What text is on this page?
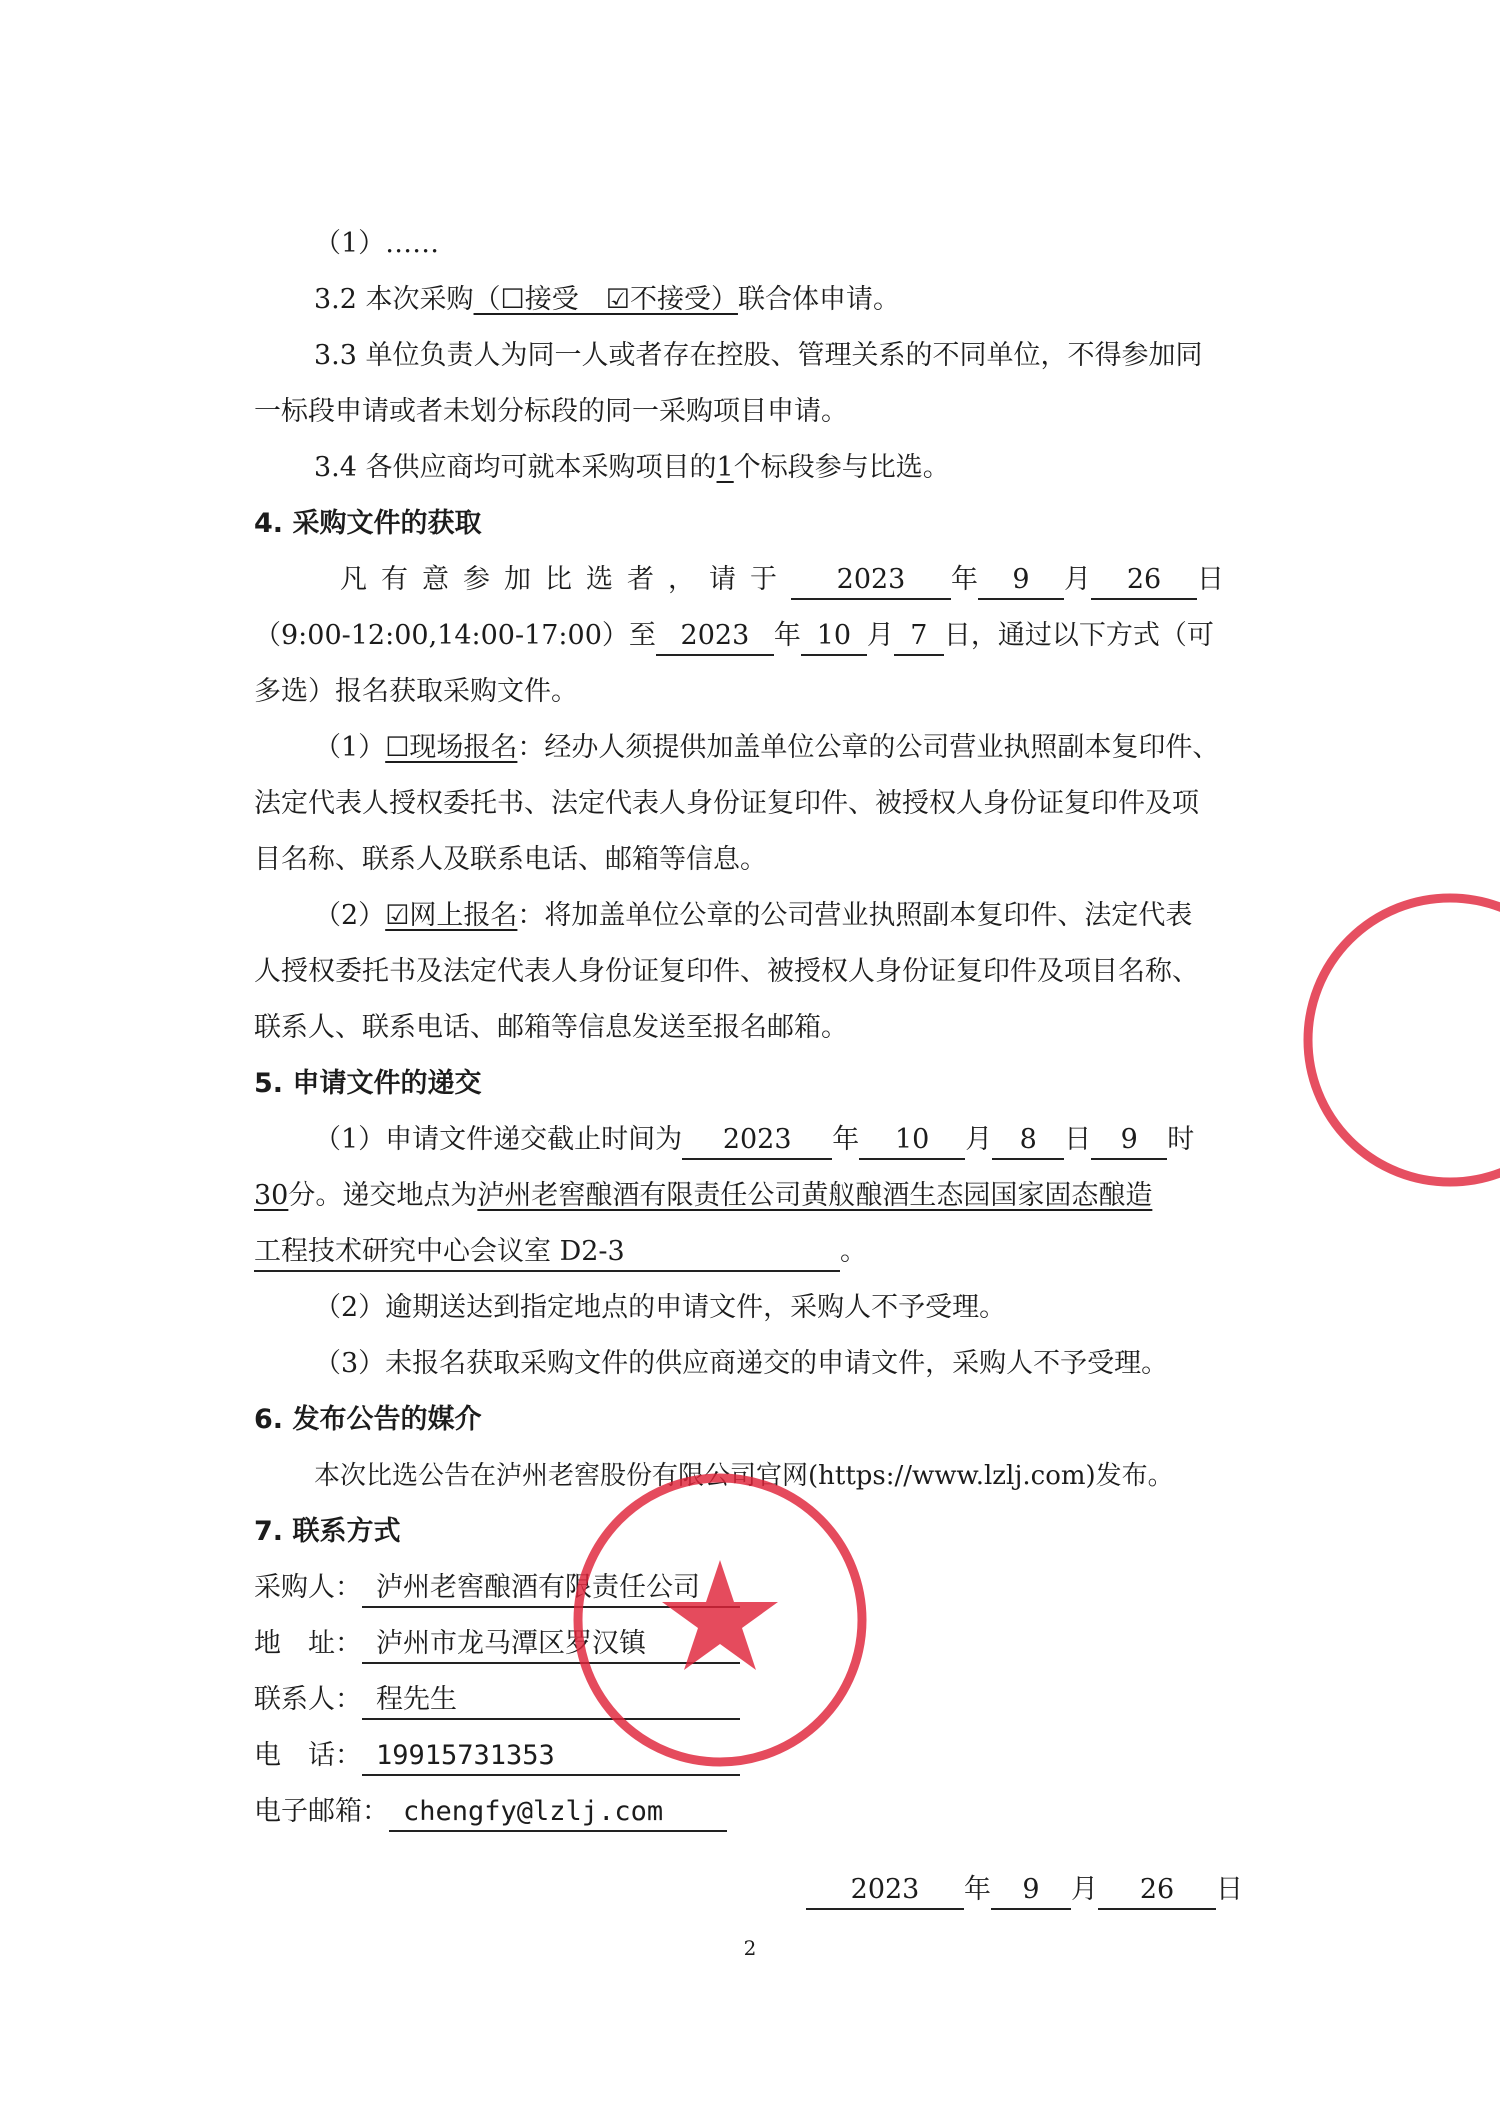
（1）……
3.2 本次采购（☐接受　☑不接受）联合体申请。
3.3 单位负责人为同一人或者存在控股、管理关系的不同单位，不得参加同
一标段申请或者未划分标段的同一采购项目申请。
3.4 各供应商均可就本采购项目的1个标段参与比选。
4. 采购文件的获取
凡有意参加比选者，请于 2023 年 9 月 26 日
（9:00-12:00,14:00-17:00）至 2023 年 10 月 7 日，通过以下方式（可
多选）报名获取采购文件。
（1）☐现场报名：经办人须提供加盖单位公章的公司营业执照副本复印件、
法定代表人授权委托书、法定代表人身份证复印件、被授权人身份证复印件及项
目名称、联系人及联系电话、邮箱等信息。
（2）☑网上报名：将加盖单位公章的公司营业执照副本复印件、法定代表
人授权委托书及法定代表人身份证复印件、被授权人身份证复印件及项目名称、
联系人、联系电话、邮箱等信息发送至报名邮箱。
5. 申请文件的递交
（1）申请文件递交截止时间为 2023 年 10 月 8 日 9 时
30分。递交地点为泸州老窖酿酒有限责任公司黄舣酿酒生态园国家固态酿造
工程技术研究中心会议室 D2-3	。
（2）逾期送达到指定地点的申请文件，采购人不予受理。
（3）未报名获取采购文件的供应商递交的申请文件，采购人不予受理。
6. 发布公告的媒介
本次比选公告在泸州老窖股份有限公司官网(https://www.lzlj.com)发布。
7. 联系方式
采购人： 泸州老窖酿酒有限责任公司
地　址： 泸州市龙马潭区罗汉镇
联系人： 程先生
电　话： 19915731353
电子邮箱： chengfy@lzlj.com
2023 年 9 月 26 日
2
